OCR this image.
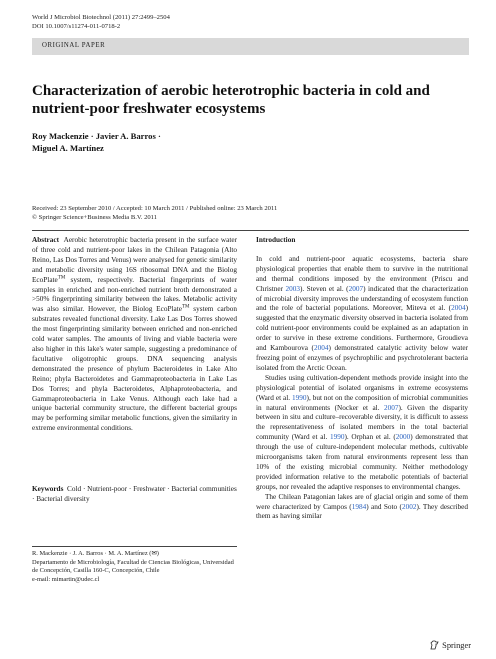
World J Microbiol Biotechnol (2011) 27:2499–2504
DOI 10.1007/s11274-011-0718-2
ORIGINAL PAPER
Characterization of aerobic heterotrophic bacteria in cold and nutrient-poor freshwater ecosystems
Roy Mackenzie · Javier A. Barros ·
Miguel A. Martínez
Received: 23 September 2010 / Accepted: 10 March 2011 / Published online: 23 March 2011
© Springer Science+Business Media B.V. 2011

Abstract Aerobic heterotrophic bacteria present in the surface water of three cold and nutrient-poor lakes in the Chilean Patagonia (Alto Reino, Las Dos Torres and Venus) were analysed for genetic similarity and metabolic diversity using 16S ribosomal DNA and the Biolog EcoPlate™ system, respectively. Bacterial fingerprints of water samples in enriched and non-enriched nutrient broth demonstrated a >50% fingerprinting similarity between the lakes. Metabolic activity was also similar. However, the Biolog EcoPlate™ system carbon substrates revealed functional diversity. Lake Las Dos Torres showed the most fingerprinting similarity between enriched and non-enriched cold water samples. The amounts of living and viable bacteria were also higher in this lake's water sample, suggesting a predominance of facultative oligotrophic groups. DNA sequencing analysis demonstrated the presence of phylum Bacteroidetes in Lake Alto Reino; phyla Bacteroidetes and Gammaproteobacteria in Lake Las Dos Torres; and phyla Bacteroidetes, Alphaproteobacteria, and Gammaproteobacteria in Lake Venus. Although each lake had a unique bacterial community structure, the different bacterial groups may be performing similar metabolic functions, given the similarity in extreme environmental conditions.

Keywords Cold · Nutrient-poor · Freshwater · Bacterial communities · Bacterial diversity

R. Mackenzie · J. A. Barros · M. A. Martínez (✉)
Departamento de Microbiología, Facultad de Ciencias Biológicas, Universidad de Concepción, Casilla 160-C, Concepción, Chile
e-mail: mimartin@udec.cl

Introduction

In cold and nutrient-poor aquatic ecosystems, bacteria share physiological properties that enable them to survive in the nutritional and thermal conditions imposed by the environment (Priscu and Christner 2003). Steven et al. (2007) indicated that the characterization of microbial diversity improves the understanding of ecosystem function and the role of bacterial populations. Moreover, Miteva et al. (2004) suggested that the enzymatic diversity observed in bacteria isolated from cold nutrient-poor environments could be explained as an adaptation in order to survive in these extreme conditions. Furthermore, Groudieva and Kambourova (2004) demonstrated catalytic activity below water freezing point of enzymes of psychrophilic and psychrotolerant bacteria isolated from the Arctic Ocean.

Studies using cultivation-dependent methods provide insight into the physiological potential of isolated organisms in extreme ecosystems (Ward et al. 1990), but not on the composition of microbial communities in natural environments (Nocker et al. 2007). Given the disparity between in situ and culture–recoverable diversity, it is difficult to assess the representativeness of isolated members in the total bacterial community (Ward et al. 1990). Orphan et al. (2000) demonstrated that through the use of culture-independent molecular methods, cultivable microorganisms taken from natural environments represent less than 10% of the existing microbial community. Neither methodology provided information relative to the metabolic potentials of bacterial groups, nor revealed the adaptive responses to environmental changes.

The Chilean Patagonian lakes are of glacial origin and some of them were characterized by Campos (1984) and Soto (2002). They described them as having similar

Springer
